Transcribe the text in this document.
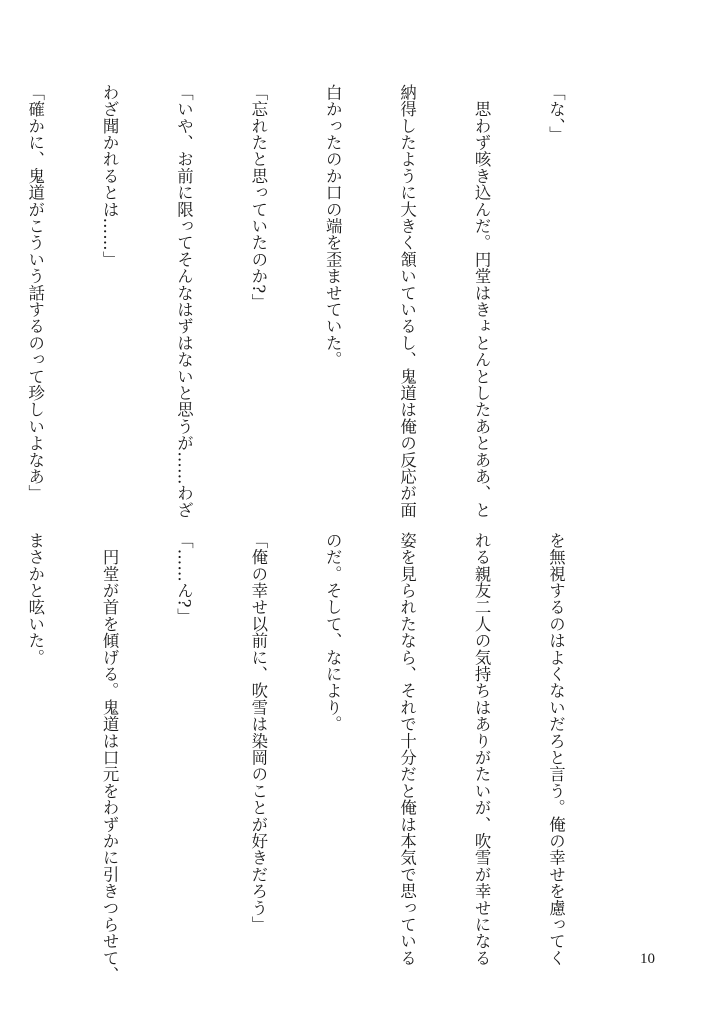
「な、」

　思わず咳き込んだ。円堂はきょとんとしたあとああ、と

納得したように大きく頷いているし、鬼道は俺の反応が面

白かったのか口の端を歪ませていた。

「忘れたと思っていたのか?」

「いや、お前に限ってそんなはずはないと思うが……わざ

わざ聞かれるとは……」

「確かに、鬼道がこういう話するのって珍しいよなあ」

を無視するのはよくないだろと言う。俺の幸せを慮ってく

れる親友二人の気持ちはありがたいが、吹雪が幸せになる

姿を見られたなら、それで十分だと俺は本気で思っている

のだ。そして、なにより。

「俺の幸せ以前に、吹雪は染岡のことが好きだろう」

「……ん?」

　円堂が首を傾げる。鬼道は口元をわずかに引きつらせて、

まさかと呟いた。

10
